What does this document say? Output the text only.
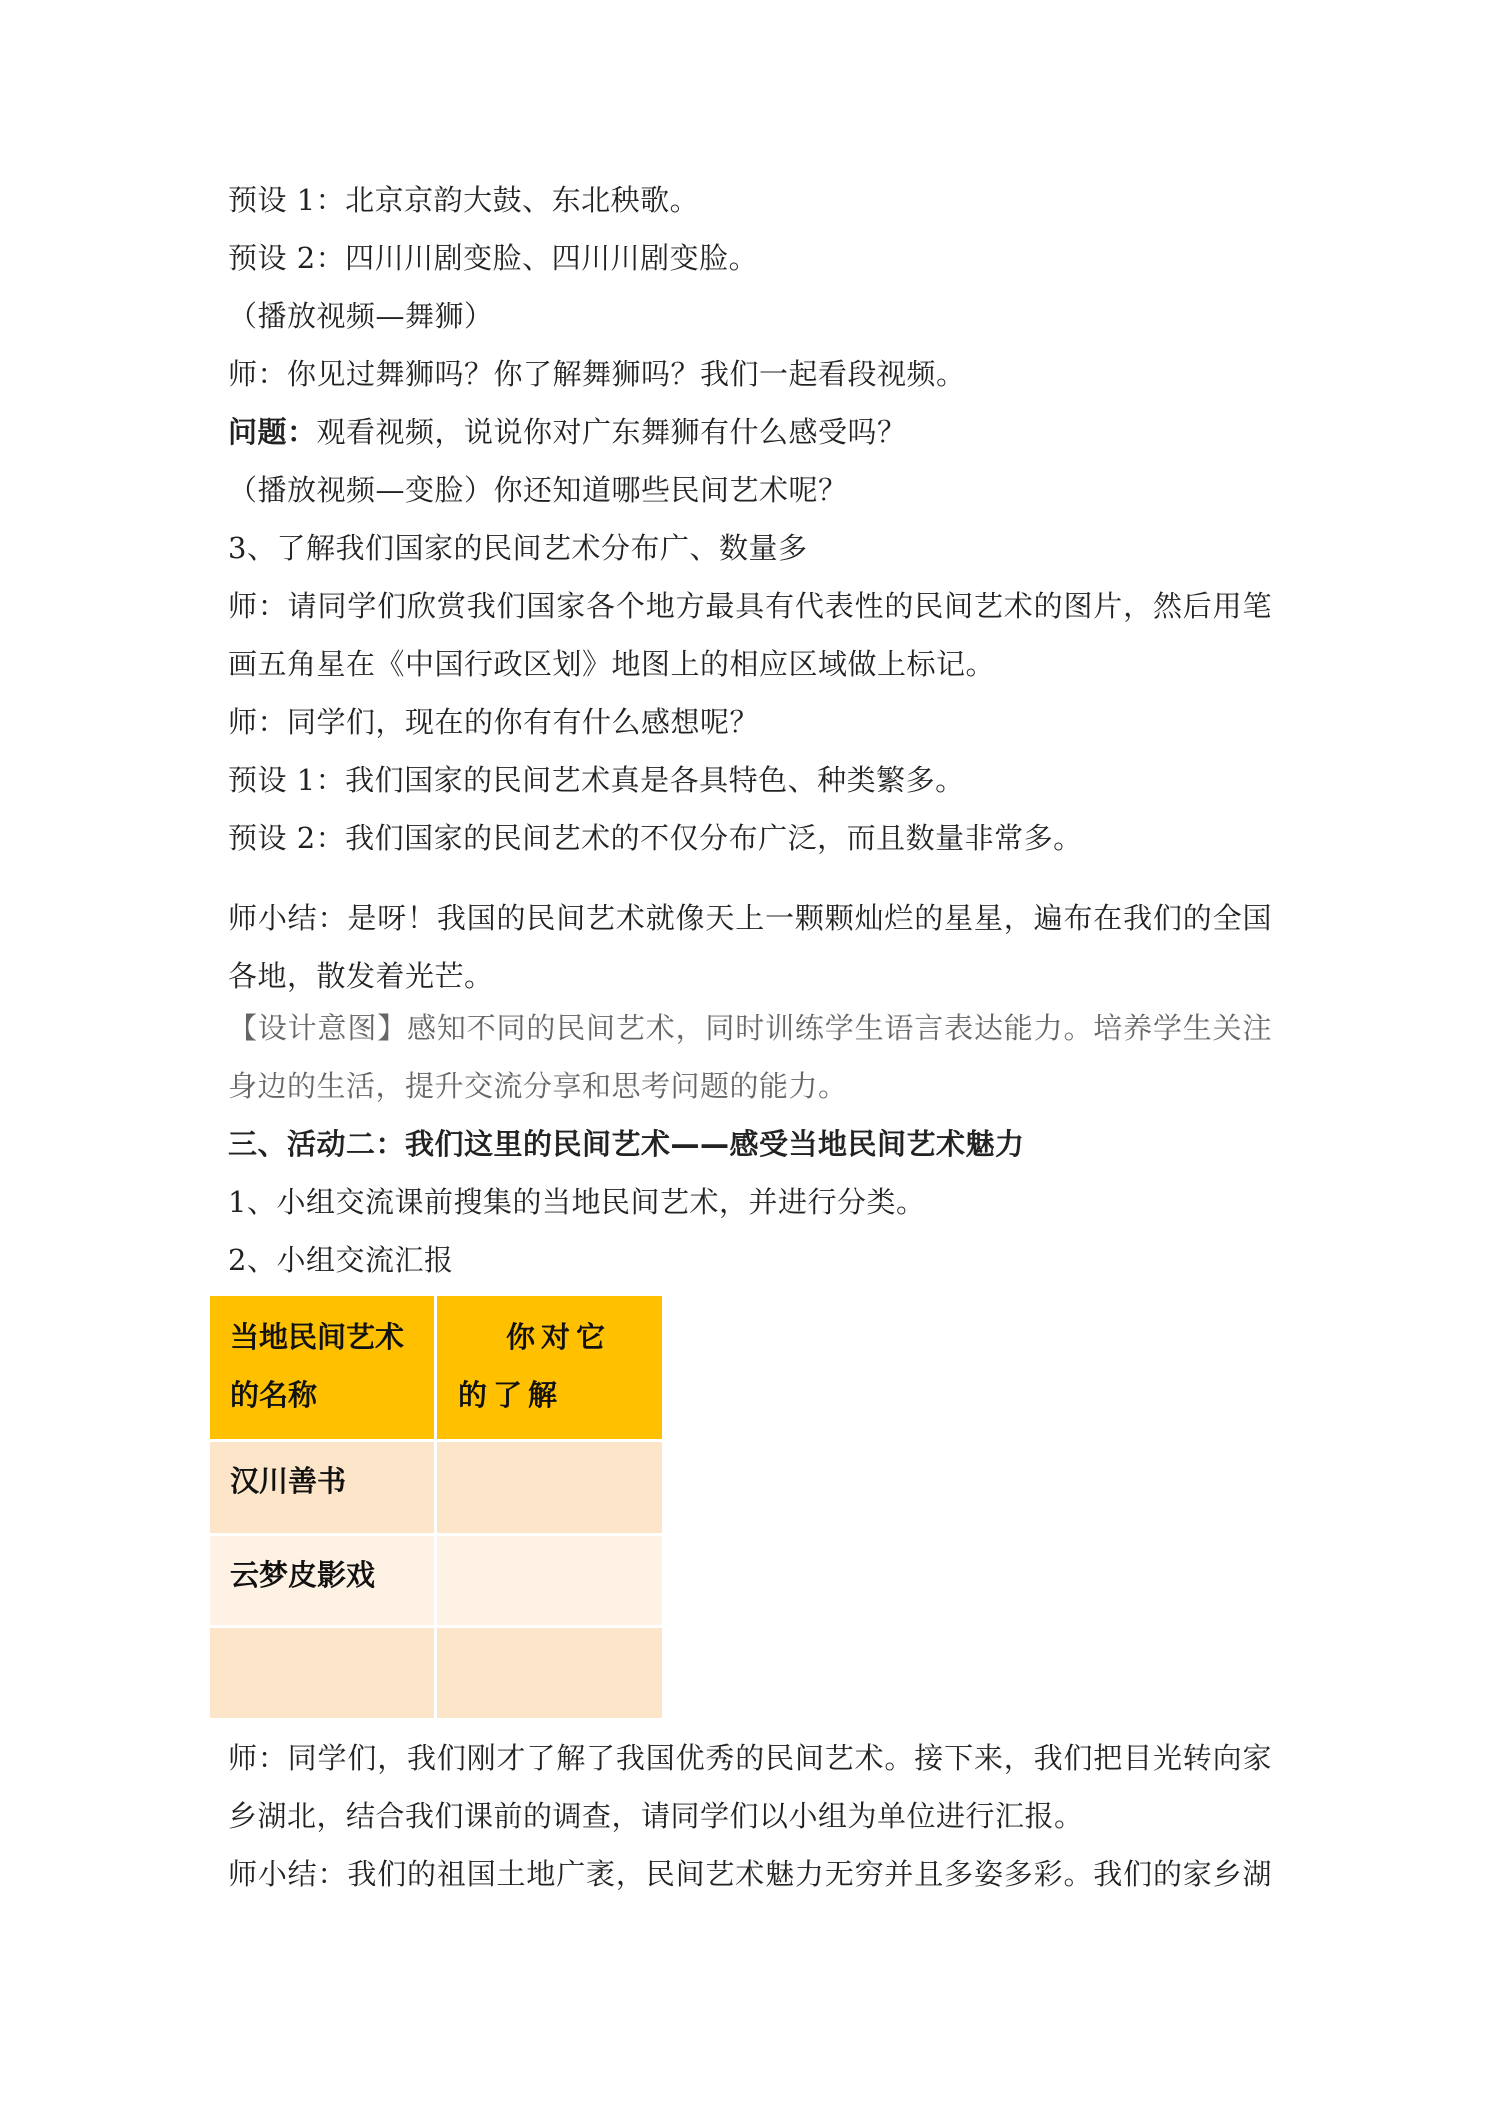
预设 1：北京京韵大鼓、东北秧歌。
预设 2：四川川剧变脸、四川川剧变脸。
（播放视频—舞狮）
师：你见过舞狮吗？你了解舞狮吗？我们一起看段视频。
问题：观看视频，说说你对广东舞狮有什么感受吗？
（播放视频—变脸）你还知道哪些民间艺术呢？
3、了解我们国家的民间艺术分布广、数量多
师：请同学们欣赏我们国家各个地方最具有代表性的民间艺术的图片，然后用笔
画五角星在《中国行政区划》地图上的相应区域做上标记。
师：同学们，现在的你有有什么感想呢？
预设 1：我们国家的民间艺术真是各具特色、种类繁多。
预设 2：我们国家的民间艺术的不仅分布广泛，而且数量非常多。
师小结：是呀！我国的民间艺术就像天上一颗颗灿烂的星星，遍布在我们的全国
各地，散发着光芒。
【设计意图】感知不同的民间艺术，同时训练学生语言表达能力。培养学生关注
身边的生活，提升交流分享和思考问题的能力。
三、活动二：我们这里的民间艺术——感受当地民间艺术魅力
1、小组交流课前搜集的当地民间艺术，并进行分类。
2、小组交流汇报
当地民间艺术的名称
你对它的了解
汉川善书
云梦皮影戏
师：同学们，我们刚才了解了我国优秀的民间艺术。接下来，我们把目光转向家
乡湖北，结合我们课前的调查，请同学们以小组为单位进行汇报。
师小结：我们的祖国土地广袤，民间艺术魅力无穷并且多姿多彩。我们的家乡湖
